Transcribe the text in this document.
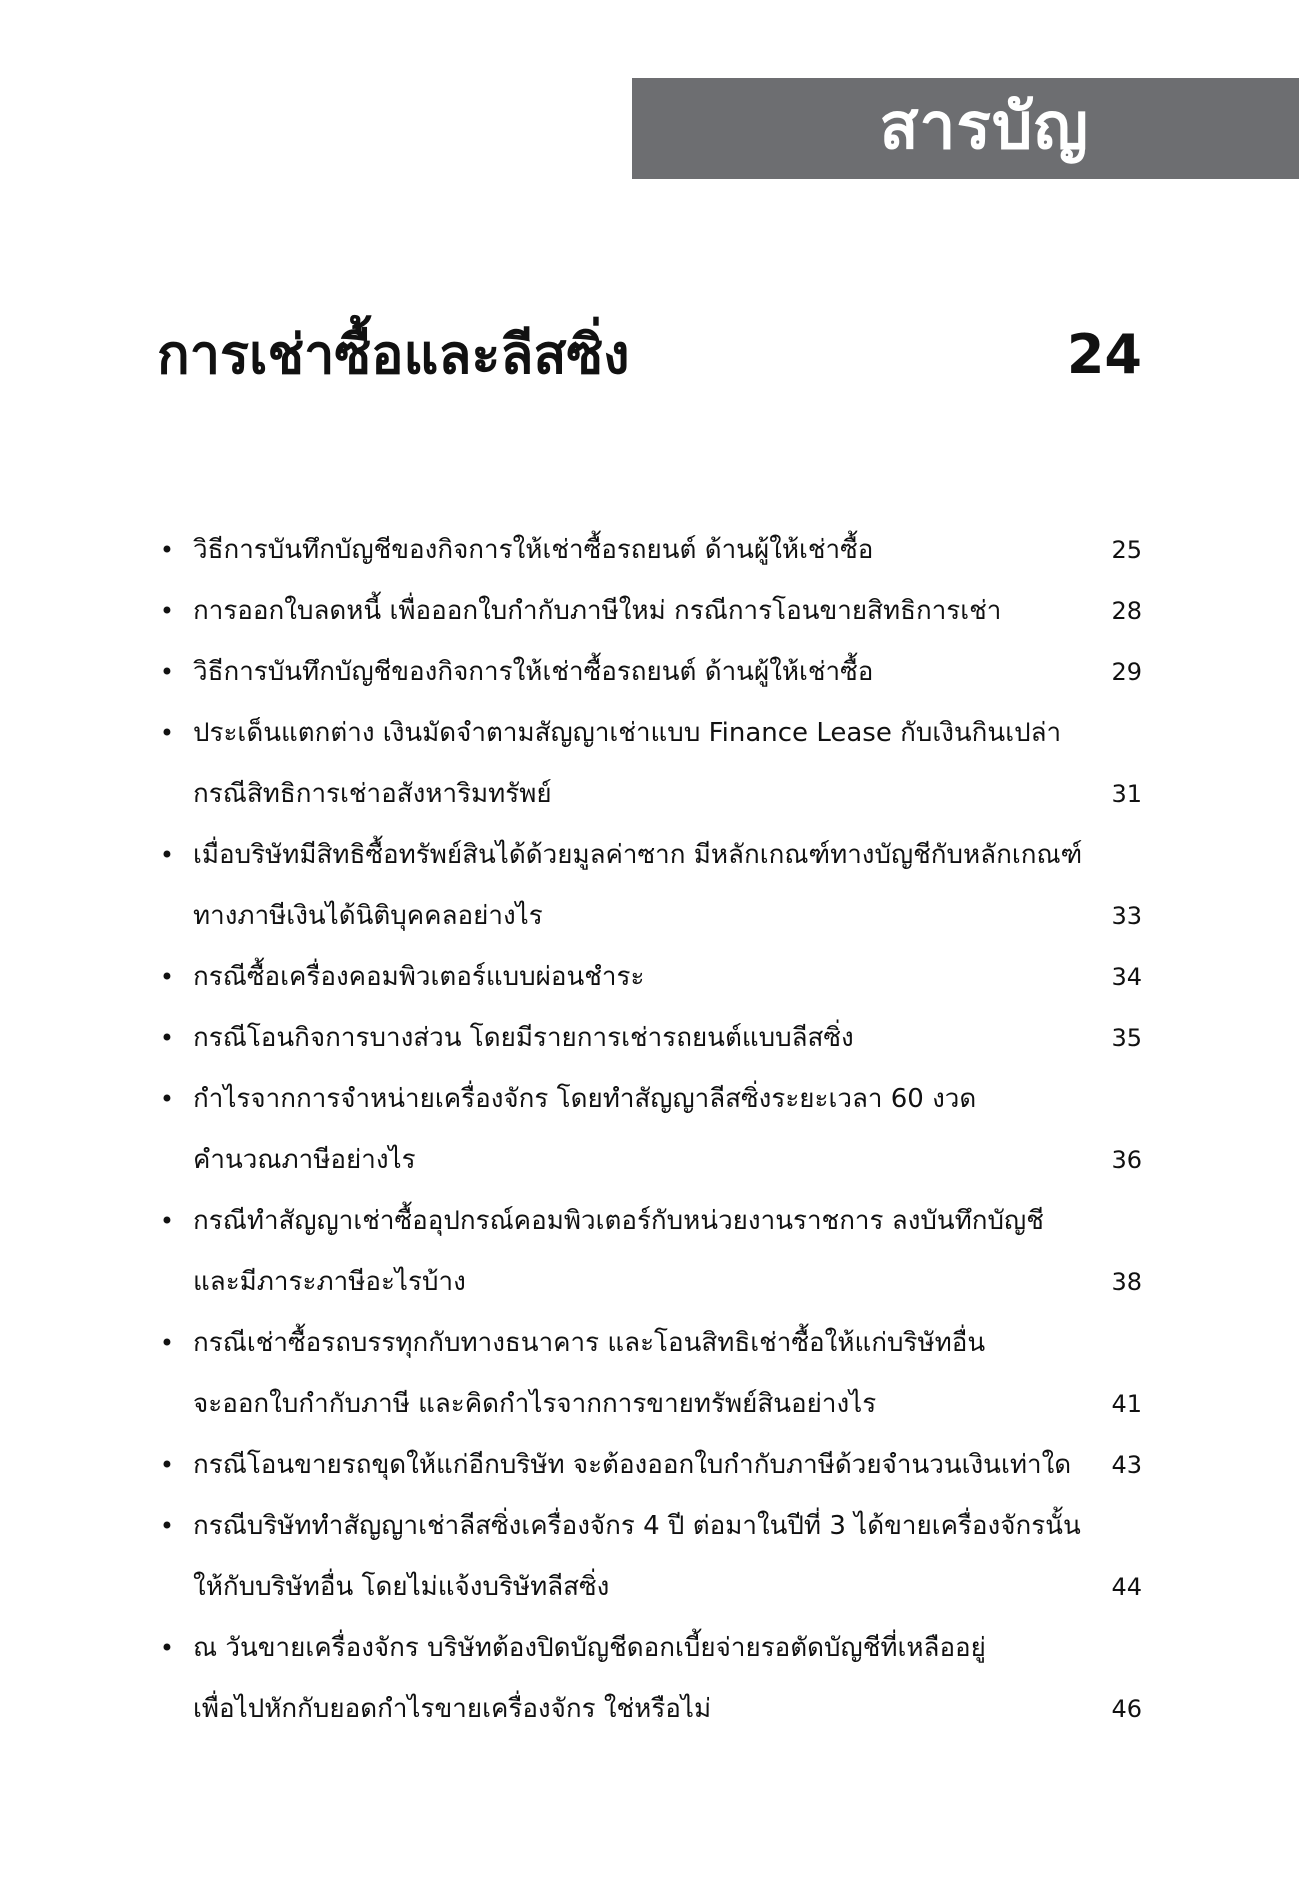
สารบัญ
การเช่าซื้อและลีสซิ่ง	24
• วิธีการบันทึกบัญชีของกิจการให้เช่าซื้อรถยนต์ ด้านผู้ให้เช่าซื้อ	25
• การออกใบลดหนี้ เพื่อออกใบกำกับภาษีใหม่ กรณีการโอนขายสิทธิการเช่า	28
• วิธีการบันทึกบัญชีของกิจการให้เช่าซื้อรถยนต์ ด้านผู้ให้เช่าซื้อ	29
• ประเด็นแตกต่าง เงินมัดจำตามสัญญาเช่าแบบ Finance Lease กับเงินกินเปล่า
กรณีสิทธิการเช่าอสังหาริมทรัพย์	31
• เมื่อบริษัทมีสิทธิซื้อทรัพย์สินได้ด้วยมูลค่าซาก มีหลักเกณฑ์ทางบัญชีกับหลักเกณฑ์
ทางภาษีเงินได้นิติบุคคลอย่างไร	33
• กรณีซื้อเครื่องคอมพิวเตอร์แบบผ่อนชำระ	34
• กรณีโอนกิจการบางส่วน โดยมีรายการเช่ารถยนต์แบบลีสซิ่ง	35
• กำไรจากการจำหน่ายเครื่องจักร โดยทำสัญญาลีสซิ่งระยะเวลา 60 งวด
คำนวณภาษีอย่างไร	36
• กรณีทำสัญญาเช่าซื้ออุปกรณ์คอมพิวเตอร์กับหน่วยงานราชการ ลงบันทึกบัญชี
และมีภาระภาษีอะไรบ้าง	38
• กรณีเช่าซื้อรถบรรทุกกับทางธนาคาร และโอนสิทธิเช่าซื้อให้แก่บริษัทอื่น
จะออกใบกำกับภาษี และคิดกำไรจากการขายทรัพย์สินอย่างไร	41
• กรณีโอนขายรถขุดให้แก่อีกบริษัท จะต้องออกใบกำกับภาษีด้วยจำนวนเงินเท่าใด	43
• กรณีบริษัททำสัญญาเช่าลีสซิ่งเครื่องจักร 4 ปี ต่อมาในปีที่ 3 ได้ขายเครื่องจักรนั้น
ให้กับบริษัทอื่น โดยไม่แจ้งบริษัทลีสซิ่ง	44
• ณ วันขายเครื่องจักร บริษัทต้องปิดบัญชีดอกเบี้ยจ่ายรอตัดบัญชีที่เหลืออยู่
เพื่อไปหักกับยอดกำไรขายเครื่องจักร ใช่หรือไม่	46
